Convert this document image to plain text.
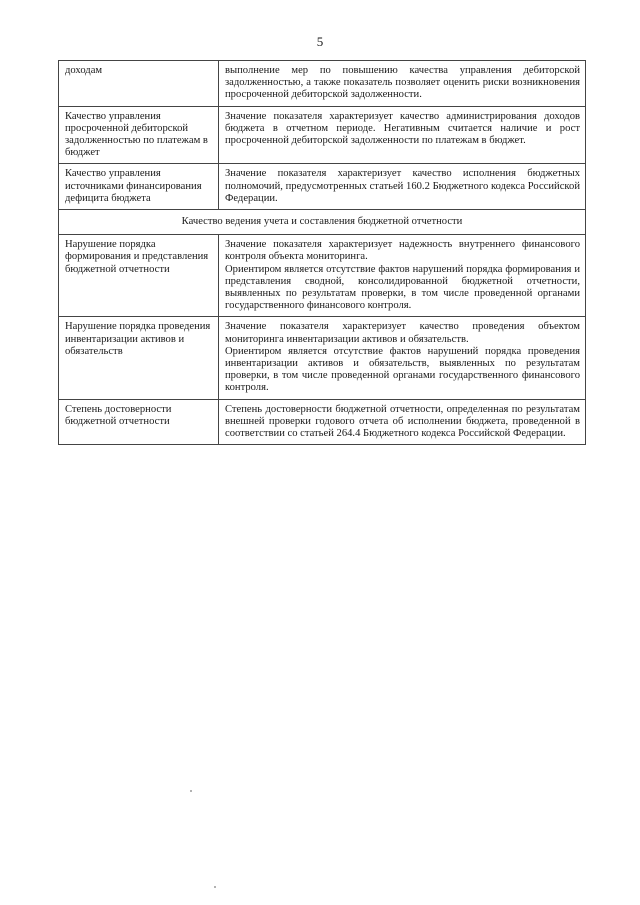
5
доходам	выполнение мер по повышению качества управления дебиторской задолженностью, а также показатель позволяет оценить риски возникновения просроченной дебиторской задолженности.

Качество управления просроченной дебиторской задолженностью по платежам в бюджет	Значение показателя характеризует качество администрирования доходов бюджета в отчетном периоде. Негативным считается наличие и рост просроченной дебиторской задолженности по платежам в бюджет.

Качество управления источниками финансирования дефицита бюджета	Значение показателя характеризует качество исполнения бюджетных полномочий, предусмотренных статьей 160.2 Бюджетного кодекса Российской Федерации.

Качество ведения учета и составления бюджетной отчетности	
Нарушение порядка формирования и представления бюджетной отчетности	Значение показателя характеризует надежность внутреннего финансового контроля объекта мониторинга.

Ориентиром является отсутствие фактов нарушений порядка формирования и представления сводной, консолидированной бюджетной отчетности, выявленных по результатам проверки, в том числе проведенной органами государственного финансового контроля.

Нарушение порядка проведения инвентаризации активов и обязательств	Значение показателя характеризует качество проведения объектом мониторинга инвентаризации активов и обязательств.

Ориентиром является отсутствие фактов нарушений порядка проведения инвентаризации активов и обязательств, выявленных по результатам проверки, в том числе проведенной органами государственного финансового контроля.

Степень достоверности бюджетной отчетности	Степень достоверности бюджетной отчетности, определенная по результатам внешней проверки годового отчета об исполнении бюджета, проведенной в соответствии со статьей 264.4 Бюджетного кодекса Российской Федерации.
